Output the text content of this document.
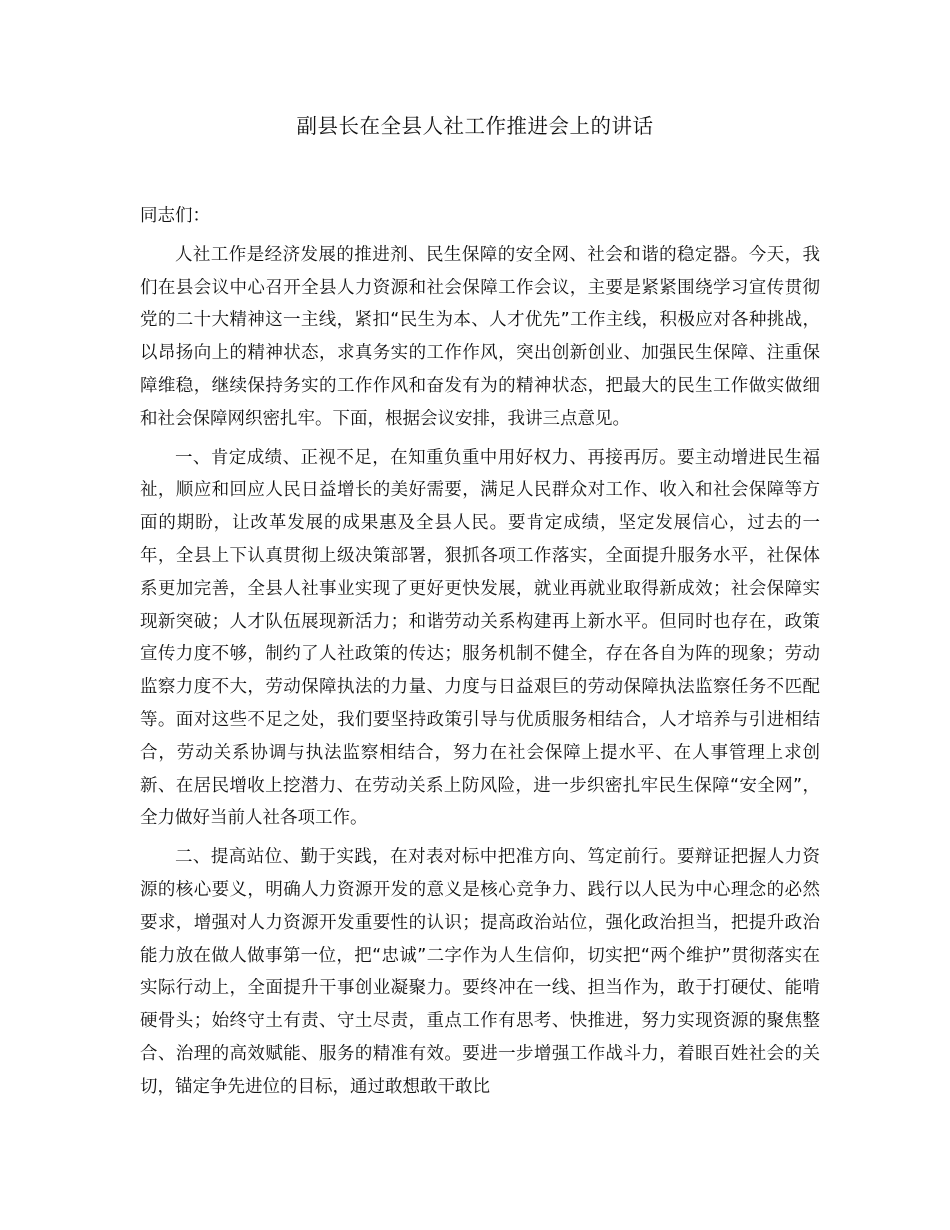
副县长在全县人社工作推进会上的讲话

同志们：

人社工作是经济发展的推进剂、民生保障的安全网、社会和谐的稳定器。今天，我们在县会议中心召开全县人力资源和社会保障工作会议，主要是紧紧围绕学习宣传贯彻党的二十大精神这一主线，紧扣“民生为本、人才优先”工作主线，积极应对各种挑战，以昂扬向上的精神状态，求真务实的工作作风，突出创新创业、加强民生保障、注重保障维稳，继续保持务实的工作作风和奋发有为的精神状态，把最大的民生工作做实做细和社会保障网织密扎牢。下面，根据会议安排，我讲三点意见。

一、肯定成绩、正视不足，在知重负重中用好权力、再接再厉。要主动增进民生福祉，顺应和回应人民日益增长的美好需要，满足人民群众对工作、收入和社会保障等方面的期盼，让改革发展的成果惠及全县人民。要肯定成绩，坚定发展信心，过去的一年，全县上下认真贯彻上级决策部署，狠抓各项工作落实，全面提升服务水平，社保体系更加完善，全县人社事业实现了更好更快发展，就业再就业取得新成效；社会保障实现新突破；人才队伍展现新活力；和谐劳动关系构建再上新水平。但同时也存在，政策宣传力度不够，制约了人社政策的传达；服务机制不健全，存在各自为阵的现象；劳动监察力度不大，劳动保障执法的力量、力度与日益艰巨的劳动保障执法监察任务不匹配等。面对这些不足之处，我们要坚持政策引导与优质服务相结合，人才培养与引进相结合，劳动关系协调与执法监察相结合，努力在社会保障上提水平、在人事管理上求创新、在居民增收上挖潜力、在劳动关系上防风险，进一步织密扎牢民生保障“安全网”，全力做好当前人社各项工作。

二、提高站位、勤于实践，在对表对标中把准方向、笃定前行。要辩证把握人力资源的核心要义，明确人力资源开发的意义是核心竞争力、践行以人民为中心理念的必然要求，增强对人力资源开发重要性的认识；提高政治站位，强化政治担当，把提升政治能力放在做人做事第一位，把“忠诚”二字作为人生信仰，切实把“两个维护”贯彻落实在实际行动上，全面提升干事创业凝聚力。要终冲在一线、担当作为，敢于打硬仗、能啃硬骨头；始终守土有责、守土尽责，重点工作有思考、快推进，努力实现资源的聚焦整合、治理的高效赋能、服务的精准有效。要进一步增强工作战斗力，着眼百姓社会的关切，锚定争先进位的目标，通过敢想敢干敢比
